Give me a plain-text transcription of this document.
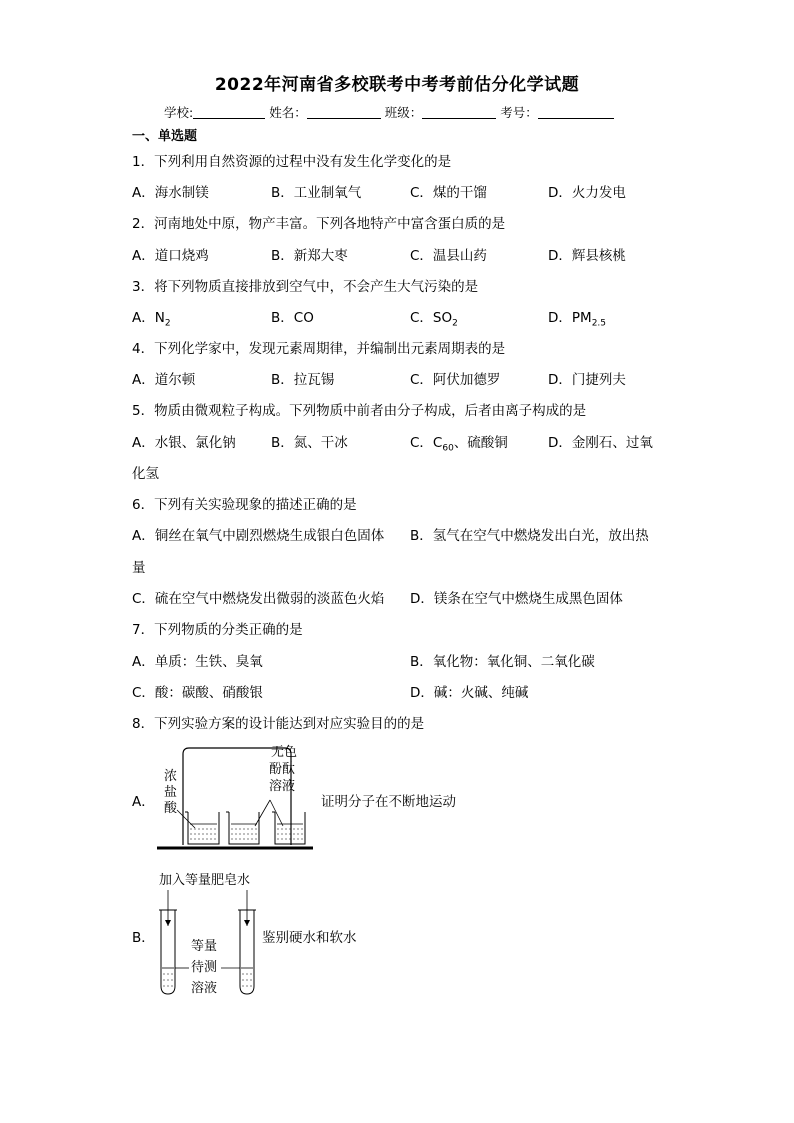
2022年河南省多校联考中考考前估分化学试题
学校:	姓名：	班级：	考号：
一、单选题
1．下列利用自然资源的过程中没有发生化学变化的是
A．海水制镁	B．工业制氧气	C．煤的干馏	D．火力发电
2．河南地处中原，物产丰富。下列各地特产中富含蛋白质的是
A．道口烧鸡	B．新郑大枣	C．温县山药	D．辉县核桃
3．将下列物质直接排放到空气中，不会产生大气污染的是
A．$N_2$	B．CO	C．$SO_2$	D．$PM_{2.5}$
4．下列化学家中，发现元素周期律，并编制出元素周期表的是
A．道尔顿	B．拉瓦锡	C．阿伏加德罗	D．门捷列夫
5．物质由微观粒子构成。下列物质中前者由分子构成，后者由离子构成的是
A．水银、氯化钠	B．氮、干冰	C．$C_{60}$、硫酸铜	D．金刚石、过氧
化氢
6．下列有关实验现象的描述正确的是
A．铜丝在氧气中剧烈燃烧生成银白色固体 B．氢气在空气中燃烧发出白光，放出热
量
C．硫在空气中燃烧发出微弱的淡蓝色火焰 D．镁条在空气中燃烧生成黑色固体
7．下列物质的分类正确的是
A．单质：生铁、臭氧	B．氧化物：氧化铜、二氧化碳
C．酸：碳酸、硝酸银	D．碱：火碱、纯碱
8．下列实验方案的设计能达到对应实验目的的是
A．
浓
盐
酸
无色
酚酞
溶液
证明分子在不断地运动
B．
加入等量肥皂水
等量
待测
溶液
鉴别硬水和软水
